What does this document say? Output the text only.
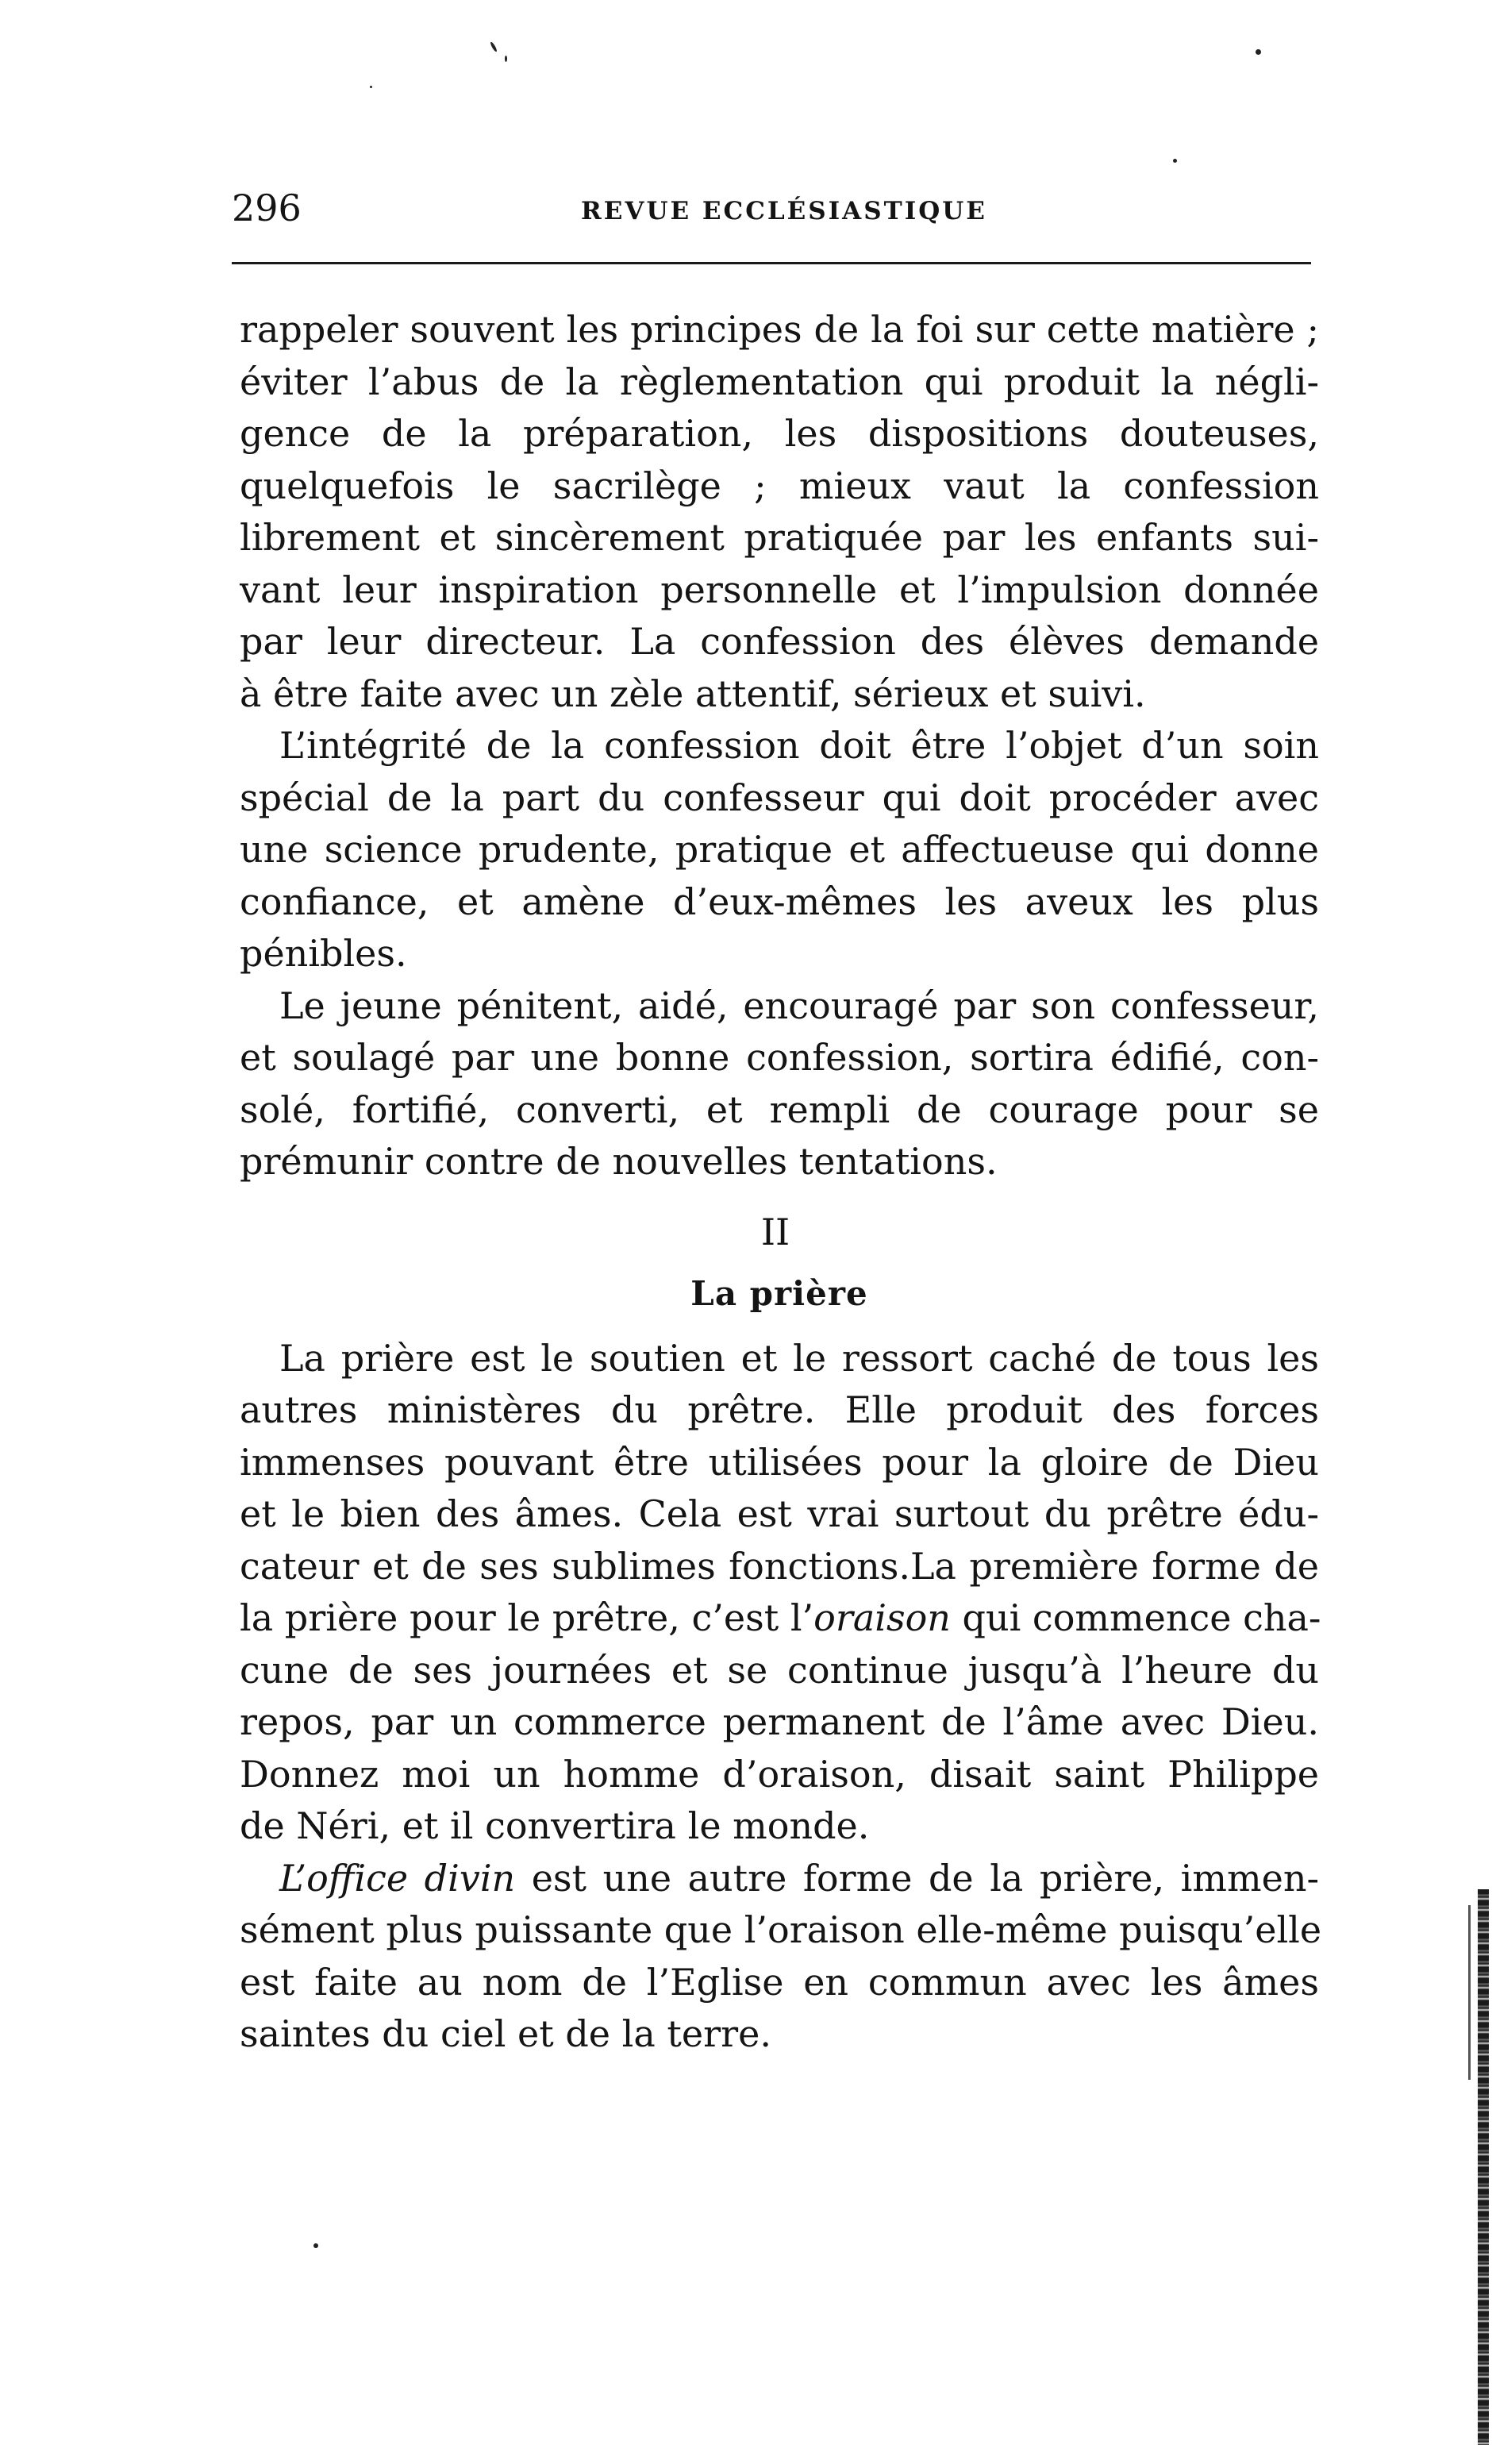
296	REVUE ECCLÉSIASTIQUE
rappeler souvent les principes de la foi sur cette matière ;
éviter l’abus de la règlementation qui produit la négli-
gence de la préparation, les dispositions douteuses,
quelquefois le sacrilège ; mieux vaut la confession
librement et sincèrement pratiquée par les enfants sui-
vant leur inspiration personnelle et l’impulsion donnée
par leur directeur. La confession des élèves demande
à être faite avec un zèle attentif, sérieux et suivi.
L’intégrité de la confession doit être l’objet d’un soin
spécial de la part du confesseur qui doit procéder avec
une science prudente, pratique et affectueuse qui donne
confiance, et amène d’eux-mêmes les aveux les plus
pénibles.
Le jeune pénitent, aidé, encouragé par son confesseur,
et soulagé par une bonne confession, sortira édifié, con-
solé, fortifié, converti, et rempli de courage pour se
prémunir contre de nouvelles tentations.
II
La prière
La prière est le soutien et le ressort caché de tous les
autres ministères du prêtre. Elle produit des forces
immenses pouvant être utilisées pour la gloire de Dieu
et le bien des âmes. Cela est vrai surtout du prêtre édu-
cateur et de ses sublimes fonctions.La première forme de
la prière pour le prêtre, c’est l’oraison qui commence cha-
cune de ses journées et se continue jusqu’à l’heure du
repos, par un commerce permanent de l’âme avec Dieu.
Donnez moi un homme d’oraison, disait saint Philippe
de Néri, et il convertira le monde.
L’office divin est une autre forme de la prière, immen-
sément plus puissante que l’oraison elle-même puisqu’elle
est faite au nom de l’Eglise en commun avec les âmes
saintes du ciel et de la terre.
